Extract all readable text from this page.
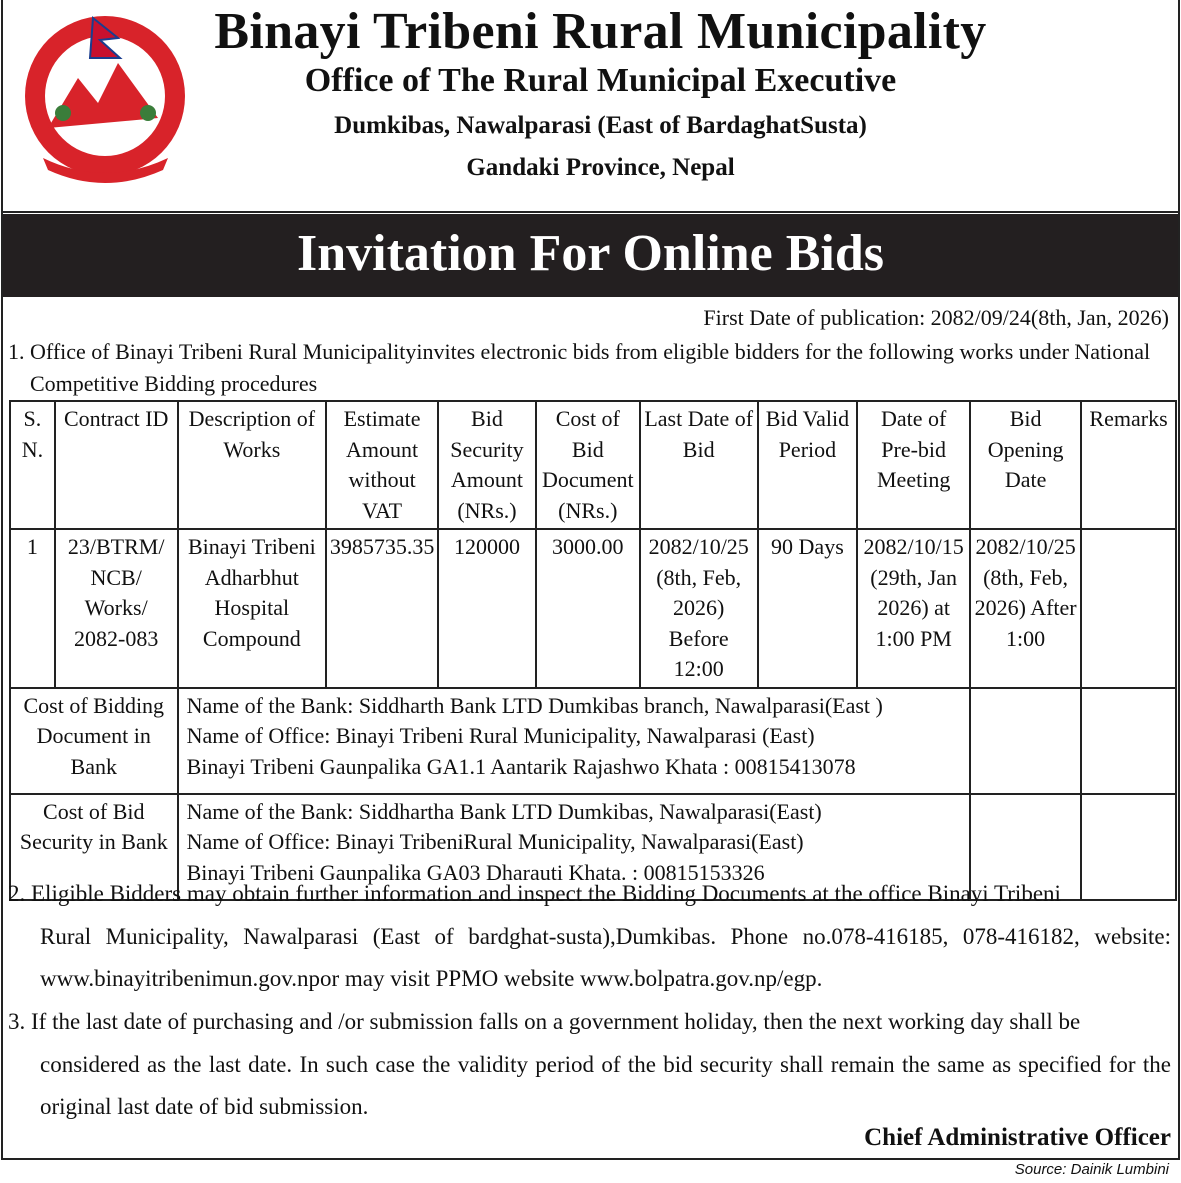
Binayi Tribeni Rural Municipality
Office of The Rural Municipal Executive
Dumkibas, Nawalparasi (East of BardaghatSusta)
Gandaki Province, Nepal
Invitation For Online Bids
First Date of publication: 2082/09/24(8th, Jan, 2026)
1. Office of Binayi Tribeni Rural Municipalityinvites electronic bids from eligible bidders for the following works under National
Competitive Bidding procedures
S. N.	Contract ID	Description of Works	Estimate Amount without VAT	Bid Security Amount (NRs.)	Cost of Bid Document (NRs.)	Last Date of Bid	Bid Valid Period	Date of Pre-bid Meeting	Bid Opening Date	Remarks
1	23/BTRM/ NCB/ Works/ 2082-083	Binayi Tribeni Adharbhut Hospital Compound	3985735.35	120000	3000.00	2082/10/25 (8th, Feb, 2026) Before 12:00	90 Days	2082/10/15 (29th, Jan 2026) at 1:00 PM	2082/10/25 (8th, Feb, 2026) After 1:00	
Cost of Bidding Document in Bank		Name of the Bank: Siddharth Bank LTD Dumkibas branch, Nawalparasi(East )
Name of Office: Binayi Tribeni Rural Municipality, Nawalparasi (East)
Binayi Tribeni Gaunpalika GA1.1 Aantarik Rajashwo Khata : 00815413078								

Cost of Bid Security in Bank		Name of the Bank: Siddhartha Bank LTD Dumkibas, Nawalparasi(East)
Name of Office: Binayi TribeniRural Municipality, Nawalparasi(East)
Binayi Tribeni Gaunpalika GA03 Dharauti Khata. : 00815153326								

2. Eligible Bidders may obtain further information and inspect the Bidding Documents at the office Binayi Tribeni
Rural Municipality, Nawalparasi (East of bardghat-susta),Dumkibas. Phone no.078-416185, 078-416182, website: www.binayitribenimun.gov.npor may visit PPMO website www.bolpatra.gov.np/egp.
3. If the last date of purchasing and /or submission falls on a government holiday, then the next working day shall be
considered as the last date. In such case the validity period of the bid security shall remain the same as specified for the original last date of bid submission.
Chief Administrative Officer
Source: Dainik Lumbini
